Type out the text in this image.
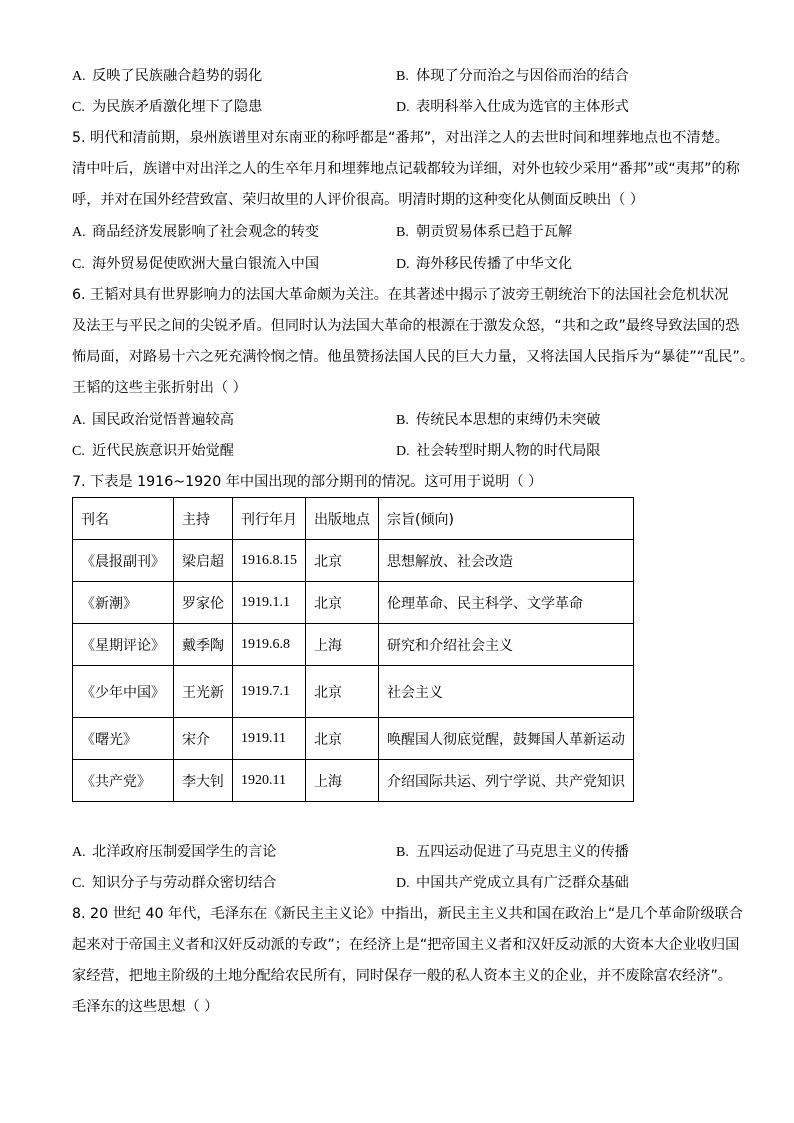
A. 反映了民族融合趋势的弱化	B. 体现了分而治之与因俗而治的结合
C. 为民族矛盾激化埋下了隐患	D. 表明科举入仕成为选官的主体形式
5. 明代和清前期，泉州族谱里对东南亚的称呼都是“番邦”，对出洋之人的去世时间和埋葬地点也不清楚。
清中叶后，族谱中对出洋之人的生卒年月和埋葬地点记载都较为详细，对外也较少采用“番邦”或“夷邦”的称
呼，并对在国外经营致富、荣归故里的人评价很高。明清时期的这种变化从侧面反映出（ ）
A. 商品经济发展影响了社会观念的转变	B. 朝贡贸易体系已趋于瓦解
C. 海外贸易促使欧洲大量白银流入中国	D. 海外移民传播了中华文化
6. 王韬对具有世界影响力的法国大革命颇为关注。在其著述中揭示了波旁王朝统治下的法国社会危机状况
及法王与平民之间的尖锐矛盾。但同时认为法国大革命的根源在于激发众怒，“共和之政”最终导致法国的恐
怖局面，对路易十六之死充满怜悯之情。他虽赞扬法国人民的巨大力量，又将法国人民指斥为“暴徒”“乱民”。
王韬的这些主张折射出（ ）
A. 国民政治觉悟普遍较高	B. 传统民本思想的束缚仍未突破
C. 近代民族意识开始觉醒	D. 社会转型时期人物的时代局限
7. 下表是 1916~1920 年中国出现的部分期刊的情况。这可用于说明（ ）
刊名	主持	刊行年月	出版地点	宗旨(倾向)
《晨报副刊》	梁启超	1916.8.15	北京	思想解放、社会改造
《新潮》	罗家伦	1919.1.1	北京	伦理革命、民主科学、文学革命
《星期评论》	戴季陶	1919.6.8	上海	研究和介绍社会主义
《少年中国》	王光新	1919.7.1	北京	社会主义
《曙光》	宋介	1919.11	北京	唤醒国人彻底觉醒，鼓舞国人革新运动
《共产党》	李大钊	1920.11	上海	介绍国际共运、列宁学说、共产党知识
A. 北洋政府压制爱国学生的言论	B. 五四运动促进了马克思主义的传播
C. 知识分子与劳动群众密切结合	D. 中国共产党成立具有广泛群众基础
8. 20 世纪 40 年代，毛泽东在《新民主主义论》中指出，新民主主义共和国在政治上“是几个革命阶级联合
起来对于帝国主义者和汉奸反动派的专政”；在经济上是“把帝国主义者和汉奸反动派的大资本大企业收归国
家经营，把地主阶级的土地分配给农民所有，同时保存一般的私人资本主义的企业，并不废除富农经济”。
毛泽东的这些思想（ ）
